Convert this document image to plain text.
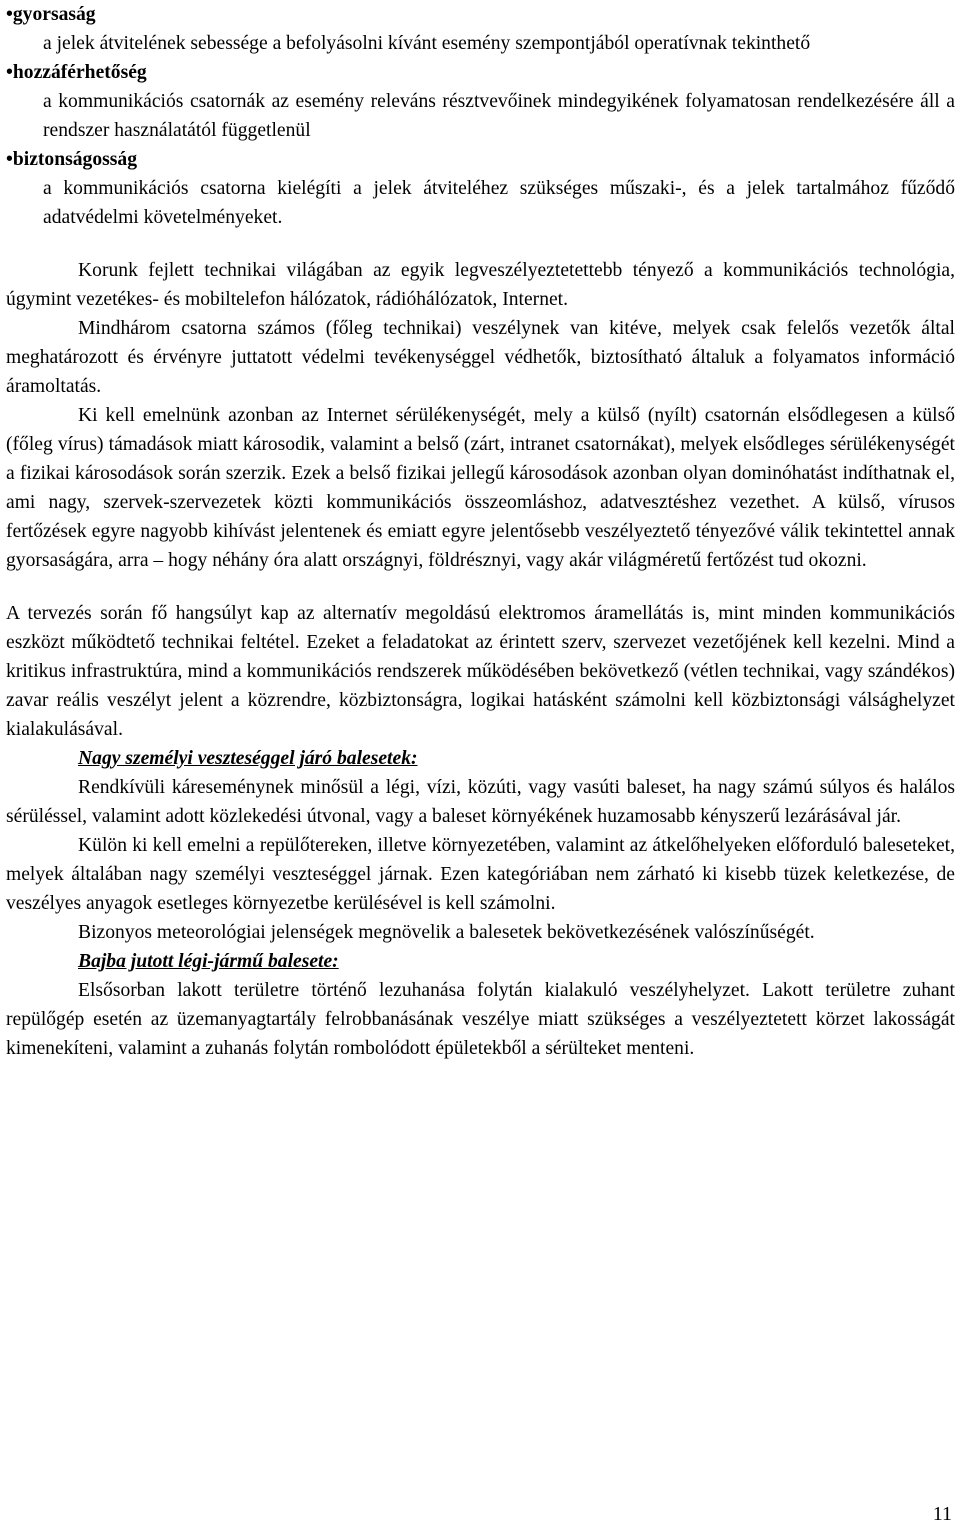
•gyorsaság

a jelek átvitelének sebessége a befolyásolni kívánt esemény szempontjából operatívnak tekinthető

•hozzáférhetőség

a kommunikációs csatornák az esemény releváns résztvevőinek mindegyikének folyamatosan rendelkezésére áll a rendszer használatától függetlenül

•biztonságosság

a kommunikációs csatorna kielégíti a jelek átviteléhez szükséges műszaki-, és a jelek tartalmához fűződő adatvédelmi követelményeket.

Korunk fejlett technikai világában az egyik legveszélyeztetettebb tényező a kommunikációs technológia, úgymint vezetékes- és mobiltelefon hálózatok, rádióhálózatok, Internet.

Mindhárom csatorna számos (főleg technikai) veszélynek van kitéve, melyek csak felelős vezetők által meghatározott és érvényre juttatott védelmi tevékenységgel védhetők, biztosítható általuk a folyamatos információ áramoltatás.

Ki kell emelnünk azonban az Internet sérülékenységét, mely a külső (nyílt) csatornán elsődlegesen a külső (főleg vírus) támadások miatt károsodik, valamint a belső (zárt, intranet csatornákat), melyek elsődleges sérülékenységét a fizikai károsodások során szerzik. Ezek a belső fizikai jellegű károsodások azonban olyan dominóhatást indíthatnak el, ami nagy, szervek-szervezetek közti kommunikációs összeomláshoz, adatvesztéshez vezethet. A külső, vírusos fertőzések egyre nagyobb kihívást jelentenek és emiatt egyre jelentősebb veszélyeztető tényezővé válik tekintettel annak gyorsaságára, arra – hogy néhány óra alatt országnyi, földrésznyi, vagy akár világméretű fertőzést tud okozni.

A tervezés során fő hangsúlyt kap az alternatív megoldású elektromos áramellátás is, mint minden kommunikációs eszközt működtető technikai feltétel. Ezeket a feladatokat az érintett szerv, szervezet vezetőjének kell kezelni. Mind a kritikus infrastruktúra, mind a kommunikációs rendszerek működésében bekövetkező (vétlen technikai, vagy szándékos) zavar reális veszélyt jelent a közrendre, közbiztonságra, logikai hatásként számolni kell közbiztonsági válsághelyzet kialakulásával.

Nagy személyi veszteséggel járó balesetek:

Rendkívüli káreseménynek minősül a légi, vízi, közúti, vagy vasúti baleset, ha nagy számú súlyos és halálos sérüléssel, valamint adott közlekedési útvonal, vagy a baleset környékének huzamosabb kényszerű lezárásával jár.

Külön ki kell emelni a repülőtereken, illetve környezetében, valamint az átkelőhelyeken előforduló baleseteket, melyek általában nagy személyi veszteséggel járnak. Ezen kategóriában nem zárható ki kisebb tüzek keletkezése, de veszélyes anyagok esetleges környezetbe kerülésével is kell számolni.

Bizonyos meteorológiai jelenségek megnövelik a balesetek bekövetkezésének valószínűségét.

Bajba jutott légi-jármű balesete:

Elsősorban lakott területre történő lezuhanása folytán kialakuló veszélyhelyzet. Lakott területre zuhant repülőgép esetén az üzemanyagtartály felrobbanásának veszélye miatt szükséges a veszélyeztetett körzet lakosságát kimenekíteni, valamint a zuhanás folytán rombolódott épületekből a sérülteket menteni.

11
